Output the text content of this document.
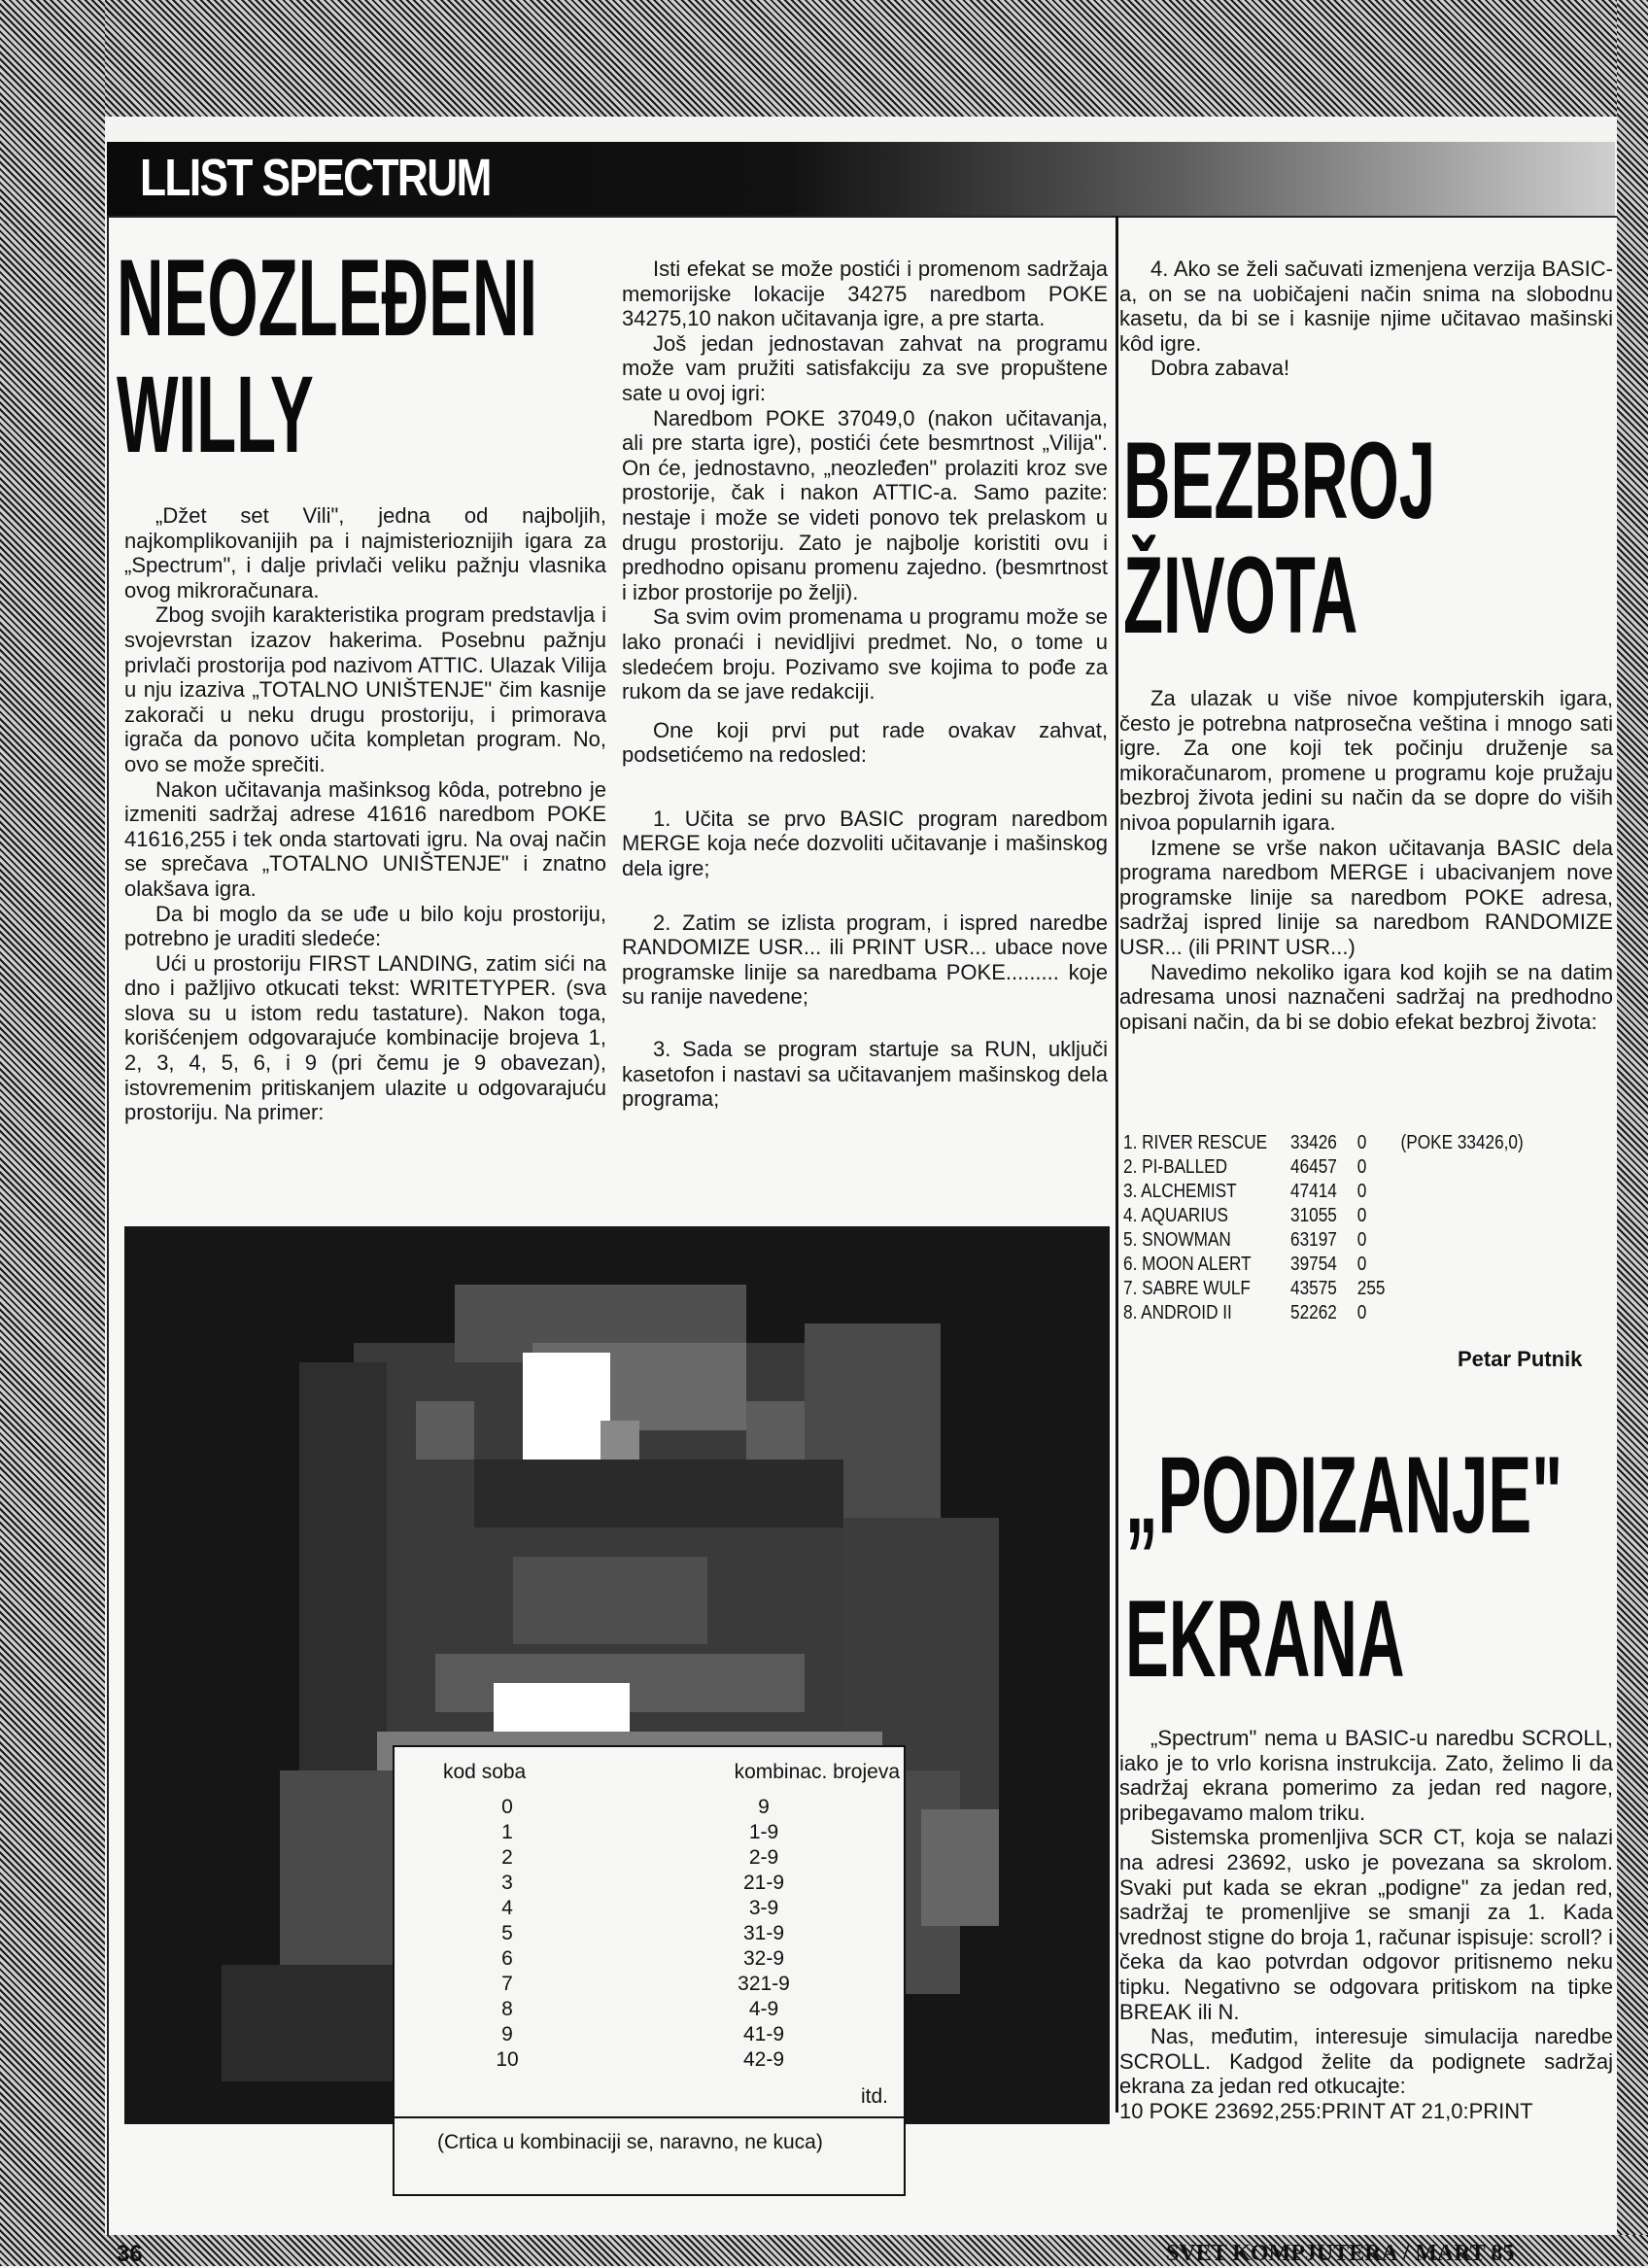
LLIST SPECTRUM
NEOZLEĐENI
WILLY

„Džet set Vili", jedna od najboljih, najkomplikovanijih pa i najmisterioznijih igara za „Spectrum", i dalje privlači veliku pažnju vlasnika ovog mikroračunara.

Zbog svojih karakteristika program predstavlja i svojevrstan izazov hakerima. Posebnu pažnju privlači prostorija pod nazivom ATTIC. Ulazak Vilija u nju izaziva „TOTALNO UNIŠTENJE" čim kasnije zakorači u neku drugu prostoriju, i primorava igrača da ponovo učita kompletan program. No, ovo se može sprečiti.

Nakon učitavanja mašinksog kôda, potrebno je izmeniti sadržaj adrese 41616 naredbom POKE 41616,255 i tek onda startovati igru. Na ovaj način se sprečava „TOTALNO UNIŠTENJE" i znatno olakšava igra.

Da bi moglo da se uđe u bilo koju prostoriju, potrebno je uraditi sledeće:

Ući u prostoriju FIRST LANDING, zatim sići na dno i pažljivo otkucati tekst: WRITETYPER. (sva slova su u istom redu tastature). Nakon toga, korišćenjem odgovarajuće kombinacije brojeva 1, 2, 3, 4, 5, 6, i 9 (pri čemu je 9 obavezan), istovremenim pritiskanjem ulazite u odgovarajuću prostoriju. Na primer:

Isti efekat se može postići i promenom sadržaja memorijske lokacije 34275 naredbom POKE 34275,10 nakon učitavanja igre, a pre starta.

Još jedan jednostavan zahvat na programu može vam pružiti satisfakciju za sve propuštene sate u ovoj igri:

Naredbom POKE 37049,0 (nakon učitavanja, ali pre starta igre), postići ćete besmrtnost „Vilija". On će, jednostavno, „neozleđen" prolaziti kroz sve prostorije, čak i nakon ATTIC-a. Samo pazite: nestaje i može se videti ponovo tek prelaskom u drugu prostoriju. Zato je najbolje koristiti ovu i predhodno opisanu promenu zajedno. (besmrtnost i izbor prostorije po želji).

Sa svim ovim promenama u programu može se lako pronaći i nevidljivi predmet. No, o tome u sledećem broju. Pozivamo sve kojima to pođe za rukom da se jave redakciji.

One koji prvi put rade ovakav zahvat, podsetićemo na redosled:

1. Učita se prvo BASIC program naredbom MERGE koja neće dozvoliti učitavanje i mašinskog dela igre;

2. Zatim se izlista program, i ispred naredbe RANDOMIZE USR... ili PRINT USR... ubace nove programske linije sa naredbama POKE......... koje su ranije navedene;

3. Sada se program startuje sa RUN, uključi kasetofon i nastavi sa učitavanjem mašinskog dela programa;

4. Ako se želi sačuvati izmenjena verzija BASIC-a, on se na uobičajeni način snima na slobodnu kasetu, da bi se i kasnije njime učitavao mašinski kôd igre.

Dobra zabava!

BEZBROJ
ŽIVOTA

Za ulazak u više nivoe kompjuterskih igara, često je potrebna natprosečna veština i mnogo sati igre. Za one koji tek počinju druženje sa mikoračunarom, promene u programu koje pružaju bezbroj života jedini su način da se dopre do viših nivoa popularnih igara.

Izmene se vrše nakon učitavanja BASIC dela programa naredbom MERGE i ubacivanjem nove programske linije sa naredbom POKE adresa, sadržaj ispred linije sa naredbom RANDOMIZE USR... (ili PRINT USR...)

Navedimo nekoliko igara kod kojih se na datim adresama unosi naznačeni sadržaj na predhodno opisani način, da bi se dobio efekat bezbroj života:

1. RIVER RESCUE	33426	0	(POKE 33426,0)
2. PI-BALLED	46457	0
3. ALCHEMIST	47414	0
4. AQUARIUS	31055	0
5. SNOWMAN	63197	0
6. MOON ALERT	39754	0
7. SABRE WULF	43575	255
8. ANDROID II	52262	0
Petar Putnik
„PODIZANJE"
EKRANA

„Spectrum" nema u BASIC-u naredbu SCROLL, iako je to vrlo korisna instrukcija. Zato, želimo li da sadržaj ekrana pomerimo za jedan red nagore, pribegavamo malom triku.

Sistemska promenljiva SCR CT, koja se nalazi na adresi 23692, usko je povezana sa skrolom. Svaki put kada se ekran „podigne" za jedan red, sadržaj te promenljive se smanji za 1. Kada vrednost stigne do broja 1, računar ispisuje: scroll? i čeka da kao potvrdan odgovor pritisnemo neku tipku. Negativno se odgovara pritiskom na tipke BREAK ili N.

Nas, međutim, interesuje simulacija naredbe SCROLL. Kadgod želite da podignete sadržaj ekrana za jedan red otkucajte:

10 POKE 23692,255:PRINT AT 21,0:PRINT

kod soba	kombinac. brojeva
0	9
1	1-9
2	2-9
3	21-9
4	3-9
5	31-9
6	32-9
7	321-9
8	4-9
9	41-9
10	42-9
itd.
(Crtica u kombinaciji se, naravno, ne kuca)
36	SVET KOMPJUTERA / MART 85
